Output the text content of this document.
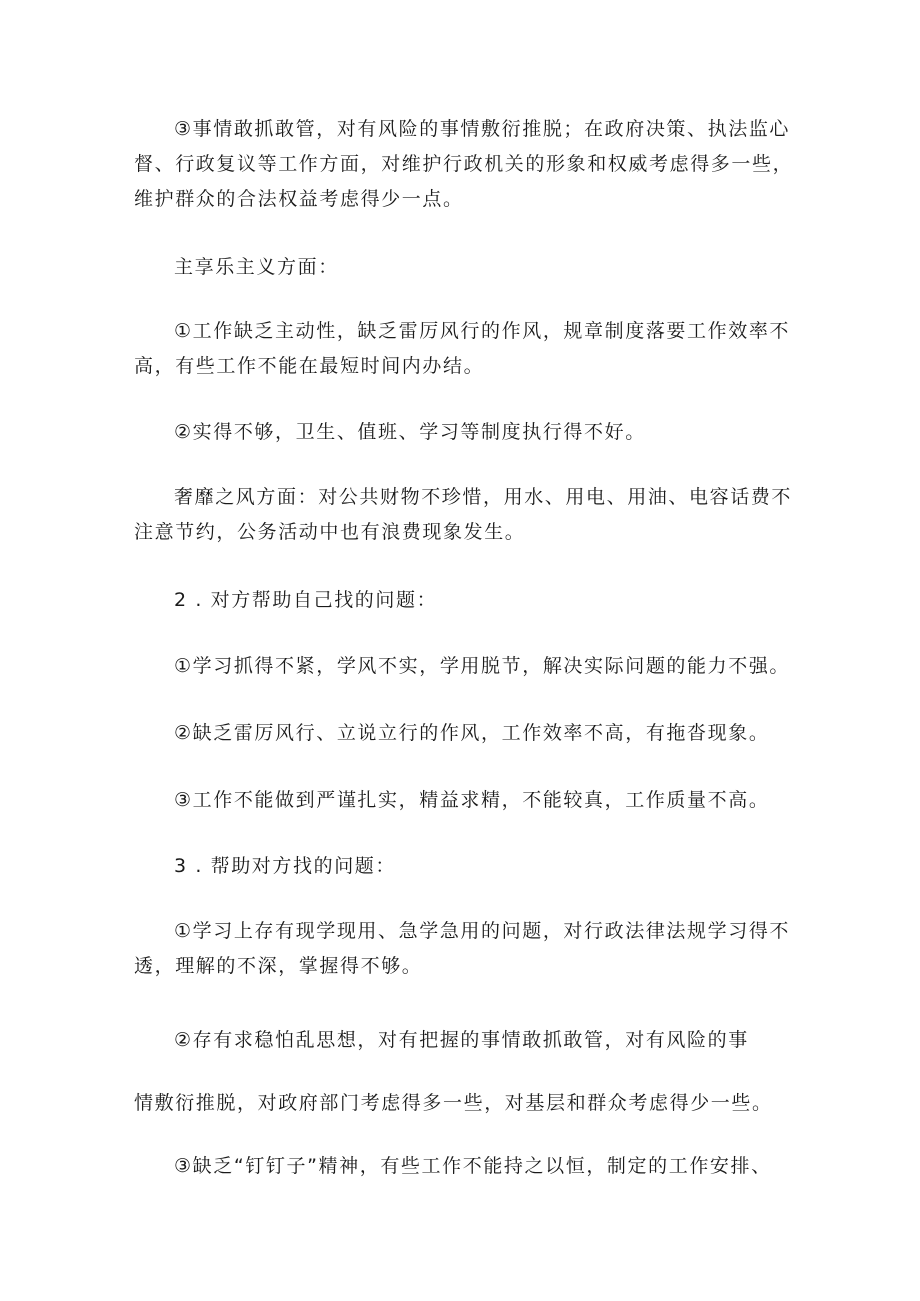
③事情敢抓敢管，对有风险的事情敷衍推脱；在政府决策、执法监心督、行政复议等工作方面，对维护行政机关的形象和权威考虑得多一些，维护群众的合法权益考虑得少一点。

主享乐主义方面：

①工作缺乏主动性，缺乏雷厉风行的作风，规章制度落要工作效率不高，有些工作不能在最短时间内办结。

②实得不够，卫生、值班、学习等制度执行得不好。

奢靡之风方面：对公共财物不珍惜，用水、用电、用油、电容话费不注意节约，公务活动中也有浪费现象发生。

2 . 对方帮助自己找的问题：

①学习抓得不紧，学风不实，学用脱节，解决实际问题的能力不强。

②缺乏雷厉风行、立说立行的作风，工作效率不高，有拖沓现象。

③工作不能做到严谨扎实，精益求精，不能较真，工作质量不高。

3 . 帮助对方找的问题：

①学习上存有现学现用、急学急用的问题，对行政法律法规学习得不透，理解的不深，掌握得不够。

②存有求稳怕乱思想，对有把握的事情敢抓敢管，对有风险的事

情敷衍推脱，对政府部门考虑得多一些，对基层和群众考虑得少一些。

③缺乏“钉钉子”精神，有些工作不能持之以恒，制定的工作安排、
